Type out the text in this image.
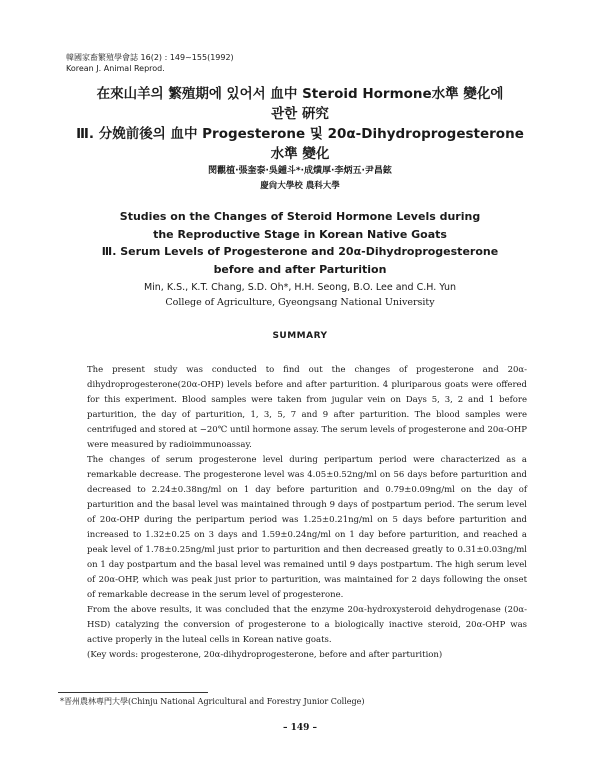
韓國家畜繁殖學會誌 16(2) : 149~155(1992)
Korean J. Animal Reprod.
在來山羊의 繁殖期에 있어서 血中 Steroid Hormone水準 變化에
관한 硏究
Ⅲ. 分娩前後의 血中 Progesterone 및 20α-Dihydroprogesterone
水準 變化
閔觀植·張奎泰·吳鍾斗*·成熿厚·李炳五·尹昌鉉
慶尙大學校 農科大學
Studies on the Changes of Steroid Hormone Levels during
the Reproductive Stage in Korean Native Goats
Ⅲ. Serum Levels of Progesterone and 20α-Dihydroprogesterone
before and after Parturition
Min, K.S., K.T. Chang, S.D. Oh*, H.H. Seong, B.O. Lee and C.H. Yun
College of Agriculture, Gyeongsang National University
SUMMARY

The present study was conducted to find out the changes of progesterone and 20α-dihydroprogesterone(20α-OHP) levels before and after parturition. 4 pluriparous goats were offered for this experiment. Blood samples were taken from jugular vein on Days 5, 3, 2 and 1 before parturition, the day of parturition, 1, 3, 5, 7 and 9 after parturition. The blood samples were centrifuged and stored at −20℃ until hormone assay. The serum levels of progesterone and 20α-OHP were measured by radioimmunoassay.

The changes of serum progesterone level during peripartum period were characterized as a remarkable decrease. The progesterone level was 4.05±0.52ng/ml on 56 days before parturition and decreased to 2.24±0.38ng/ml on 1 day before parturition and 0.79±0.09ng/ml on the day of parturition and the basal level was maintained through 9 days of postpartum period. The serum level of 20α-OHP during the peripartum period was 1.25±0.21ng/ml on 5 days before parturition and increased to 1.32±0.25 on 3 days and 1.59±0.24ng/ml on 1 day before parturition, and reached a peak level of 1.78±0.25ng/ml just prior to parturition and then decreased greatly to 0.31±0.03ng/ml on 1 day postpartum and the basal level was remained until 9 days postpartum. The high serum level of 20α-OHP, which was peak just prior to parturition, was maintained for 2 days following the onset of remarkable decrease in the serum level of progesterone.

From the above results, it was concluded that the enzyme 20α-hydroxysteroid dehydrogenase (20α-HSD) catalyzing the conversion of progesterone to a biologically inactive steroid, 20α-OHP was active properly in the luteal cells in Korean native goats.

(Key words: progesterone, 20α-dihydroprogesterone, before and after parturition)

*晋州農林專門大學(Chinju National Agricultural and Forestry Junior College)
– 149 –
